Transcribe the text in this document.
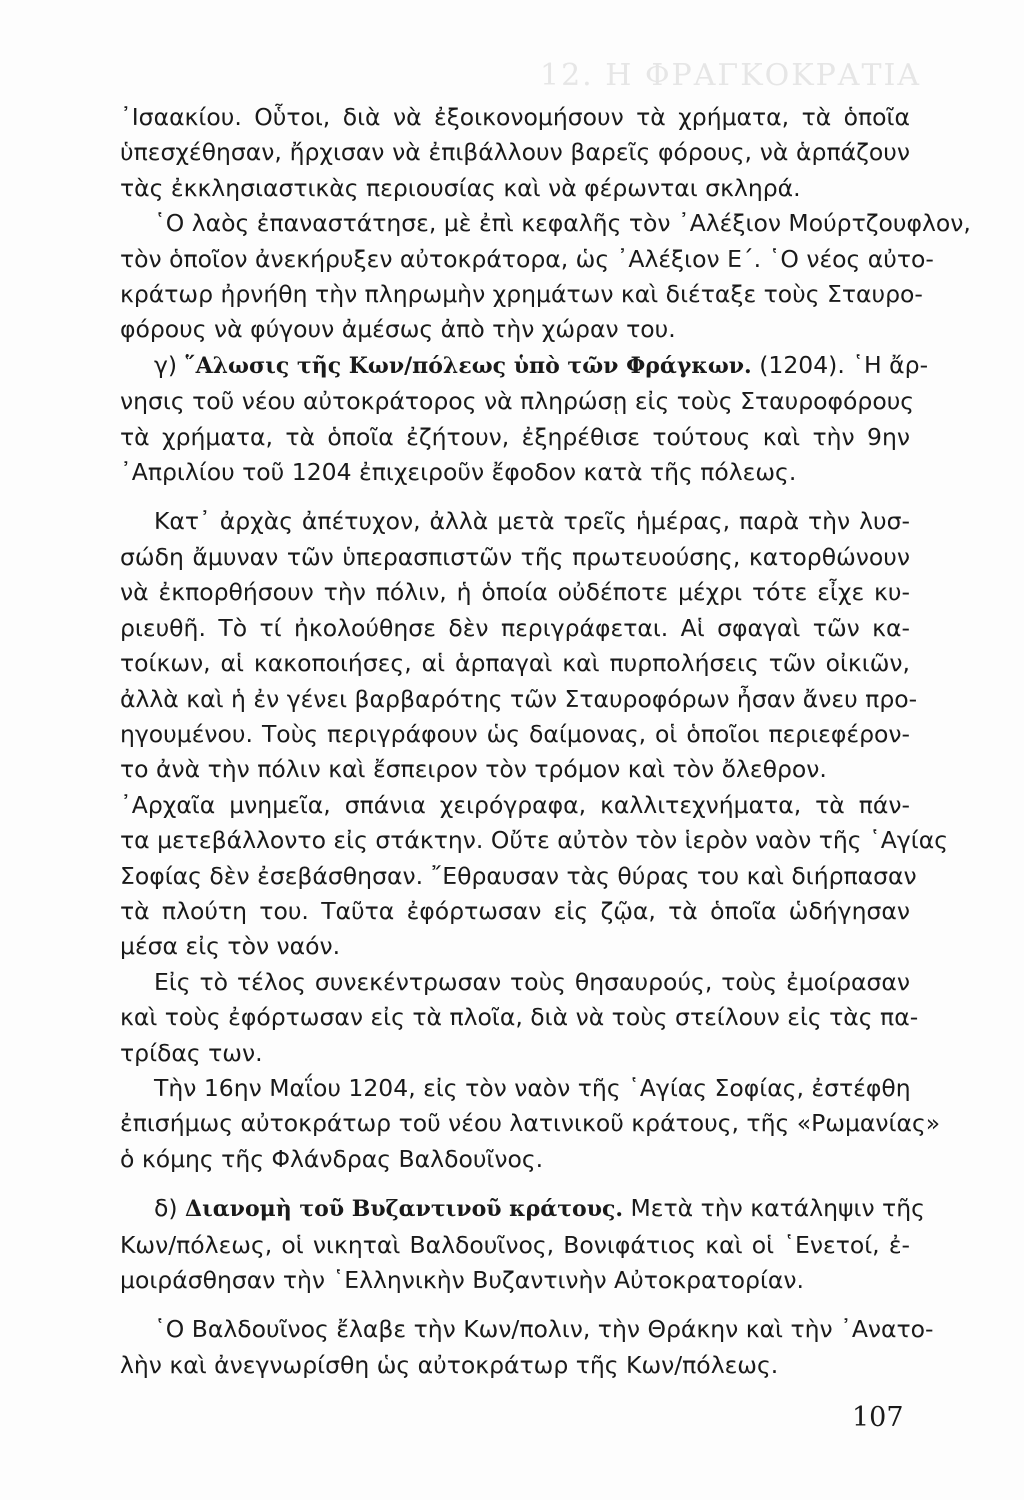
12. Η ΦΡΑΓΚΟΚΡΑΤΙΑ
᾿Ισαακίου. Οὗτοι, διὰ νὰ ἐξοικονομήσουν τὰ χρήματα, τὰ ὁποῖα
ὑπεσχέθησαν, ἤρχισαν νὰ ἐπιβάλλουν βαρεῖς φόρους, νὰ ἁρπάζουν
τὰς ἐκκλησιαστικὰς περιουσίας καὶ νὰ φέρωνται σκληρά.
῾Ο λαὸς ἐπαναστάτησε, μὲ ἐπὶ κεφαλῆς τὸν ᾿Αλέξιον Μούρτζουφλον,
τὸν ὁποῖον ἀνεκήρυξεν αὐτοκράτορα, ὡς ᾿Αλέξιον Ε΄. ῾Ο νέος αὐτο-
κράτωρ ἠρνήθη τὴν πληρωμὴν χρημάτων καὶ διέταξε τοὺς Σταυρο-
φόρους νὰ φύγουν ἀμέσως ἀπὸ τὴν χώραν του.
γ) ῞Αλωσις τῆς Κων/πόλεως ὑπὸ τῶν Φράγκων. (1204). ῾Η ἄρ-
νησις τοῦ νέου αὐτοκράτορος νὰ πληρώσῃ εἰς τοὺς Σταυροφόρους
τὰ χρήματα, τὰ ὁποῖα ἐζήτουν, ἐξηρέθισε τούτους καὶ τὴν 9ην
᾿Απριλίου τοῦ 1204 ἐπιχειροῦν ἔφοδον κατὰ τῆς πόλεως.
Κατ᾿ ἀρχὰς ἀπέτυχον, ἀλλὰ μετὰ τρεῖς ἡμέρας, παρὰ τὴν λυσ-
σώδη ἄμυναν τῶν ὑπερασπιστῶν τῆς πρωτευούσης, κατορθώνουν
νὰ ἐκπορθήσουν τὴν πόλιν, ἡ ὁποία οὐδέποτε μέχρι τότε εἶχε κυ-
ριευθῆ. Τὸ τί ἠκολούθησε δὲν περιγράφεται. Αἱ σφαγαὶ τῶν κα-
τοίκων, αἱ κακοποιήσες, αἱ ἁρπαγαὶ καὶ πυρπολήσεις τῶν οἰκιῶν,
ἀλλὰ καὶ ἡ ἐν γένει βαρβαρότης τῶν Σταυροφόρων ἦσαν ἄνευ προ-
ηγουμένου. Τοὺς περιγράφουν ὡς δαίμονας, οἱ ὁποῖοι περιεφέρον-
το ἀνὰ τὴν πόλιν καὶ ἔσπειρον τὸν τρόμον καὶ τὸν ὄλεθρον.
᾿Αρχαῖα μνημεῖα, σπάνια χειρόγραφα, καλλιτεχνήματα, τὰ πάν-
τα μετεβάλλοντο εἰς στάκτην. Οὔτε αὐτὸν τὸν ἱερὸν ναὸν τῆς ῾Αγίας
Σοφίας δὲν ἐσεβάσθησαν. ῎Εθραυσαν τὰς θύρας του καὶ διήρπασαν
τὰ πλούτη του. Ταῦτα ἐφόρτωσαν εἰς ζῷα, τὰ ὁποῖα ὡδήγησαν
μέσα εἰς τὸν ναόν.
Εἰς τὸ τέλος συνεκέντρωσαν τοὺς θησαυρούς, τοὺς ἐμοίρασαν
καὶ τοὺς ἐφόρτωσαν εἰς τὰ πλοῖα, διὰ νὰ τοὺς στείλουν εἰς τὰς πα-
τρίδας των.
Τὴν 16ην Μαΐου 1204, εἰς τὸν ναὸν τῆς ῾Αγίας Σοφίας, ἐστέφθη
ἐπισήμως αὐτοκράτωρ τοῦ νέου λατινικοῦ κράτους, τῆς «Ρωμανίας»
ὁ κόμης τῆς Φλάνδρας Βαλδουῖνος.
δ) Διανομὴ τοῦ Βυζαντινοῦ κράτους. Μετὰ τὴν κατάληψιν τῆς
Κων/πόλεως, οἱ νικηταὶ Βαλδουῖνος, Βονιφάτιος καὶ οἱ ῾Ενετοί, ἐ-
μοιράσθησαν τὴν ῾Ελληνικὴν Βυζαντινὴν Αὐτοκρατορίαν.
῾Ο Βαλδουῖνος ἔλαβε τὴν Κων/πολιν, τὴν Θράκην καὶ τὴν ᾿Ανατο-
λὴν καὶ ἀνεγνωρίσθη ὡς αὐτοκράτωρ τῆς Κων/πόλεως.
107
